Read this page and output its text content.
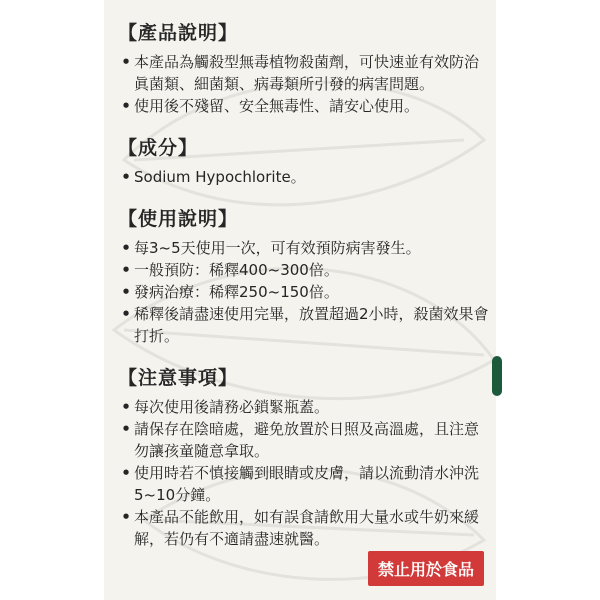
【產品說明】
• 本產品為觸殺型無毒植物殺菌劑，可快速並有效防治眞菌類、細菌類、病毒類所引發的病害問題。
• 使用後不殘留、安全無毒性、請安心使用。
【成分】
• Sodium Hypochlorite。
【使用說明】
• 每3~5天使用一次，可有效預防病害發生。
• 一般預防：稀釋400~300倍。
• 發病治療：稀釋250~150倍。
• 稀釋後請盡速使用完畢，放置超過2小時，殺菌效果會打折。
【注意事項】
• 每次使用後請務必鎖緊瓶蓋。
• 請保存在陰暗處，避免放置於日照及高溫處，且注意勿讓孩童隨意拿取。
• 使用時若不慎接觸到眼睛或皮膚，請以流動清水沖洗5~10分鐘。
• 本產品不能飲用，如有誤食請飲用大量水或牛奶來緩解，若仍有不適請盡速就醫。
禁止用於食品
